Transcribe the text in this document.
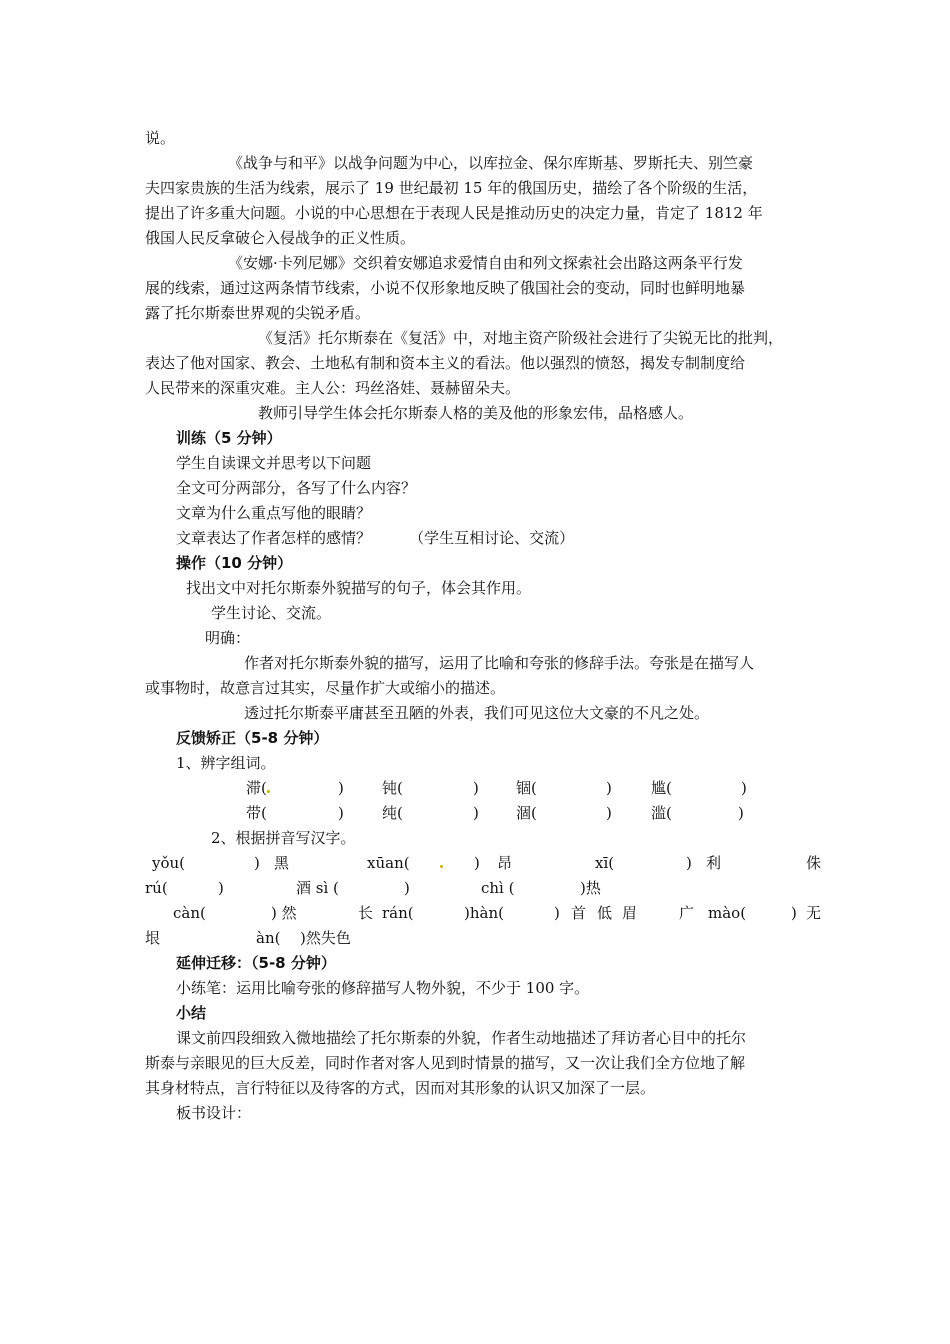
说。
《战争与和平》以战争问题为中心，以库拉金、保尔库斯基、罗斯托夫、别竺豪
夫四家贵族的生活为线索，展示了 19 世纪最初 15 年的俄国历史，描绘了各个阶级的生活，
提出了许多重大问题。小说的中心思想在于表现人民是推动历史的决定力量，肯定了 1812 年
俄国人民反拿破仑入侵战争的正义性质。
《安娜·卡列尼娜》交织着安娜追求爱情自由和列文探索社会出路这两条平行发
展的线索，通过这两条情节线索，小说不仅形象地反映了俄国社会的变动，同时也鲜明地暴
露了托尔斯泰世界观的尖锐矛盾。
《复活》托尔斯泰在《复活》中，对地主资产阶级社会进行了尖锐无比的批判，
表达了他对国家、教会、土地私有制和资本主义的看法。他以强烈的愤怒，揭发专制制度给
人民带来的深重灾难。主人公：玛丝洛娃、聂赫留朵夫。
教师引导学生体会托尔斯泰人格的美及他的形象宏伟，品格感人。
训练（5 分钟）
学生自读课文并思考以下问题
全文可分两部分，各写了什么内容？
文章为什么重点写他的眼睛？
文章表达了作者怎样的感情？        （学生互相讨论、交流）
操作（10 分钟）
找出文中对托尔斯泰外貌描写的句子，体会其作用。
学生讨论、交流。
明确：
作者对托尔斯泰外貌的描写，运用了比喻和夸张的修辞手法。夸张是在描写人
或事物时，故意言过其实，尽量作扩大或缩小的描述。
透过托尔斯泰平庸甚至丑陋的外表，我们可见这位大文豪的不凡之处。
反馈矫正（5-8 分钟）
1、辨字组词。
滞(	)	钝(	) 锢(	)	尴(	)
带(	)	纯(	) 涸(	)	滥(	)
2、根据拼音写汉字。
yǒu(	) 黑	xūan(	) 昂	xī(	) 利	侏
rú(	)	酒 sì (	)	chì (	)热
càn(	) 然	长 rán(	)hàn(	) 首 低 眉	广 mào(	) 无
垠	àn( )然失色
延伸迁移：（5-8 分钟）
小练笔：运用比喻夸张的修辞描写人物外貌，不少于 100 字。
小结
课文前四段细致入微地描绘了托尔斯泰的外貌，作者生动地描述了拜访者心目中的托尔
斯泰与亲眼见的巨大反差，同时作者对客人见到时情景的描写，又一次让我们全方位地了解
其身材特点，言行特征以及待客的方式，因而对其形象的认识又加深了一层。
板书设计：
